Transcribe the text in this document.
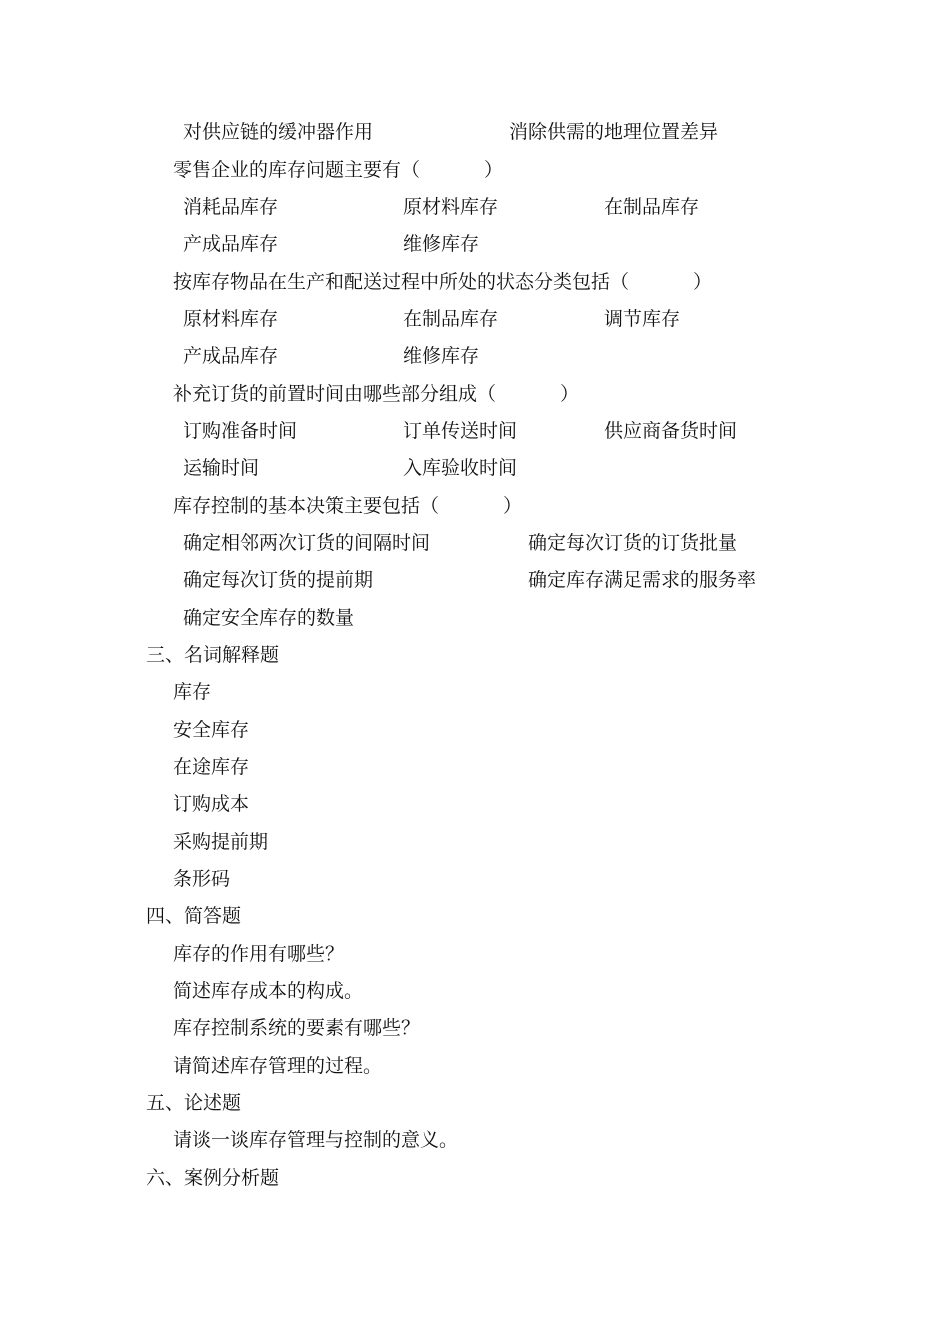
对供应链的缓冲器作用	消除供需的地理位置差异
零售企业的库存问题主要有（	）
消耗品库存	原材料库存	在制品库存
产成品库存	维修库存
按库存物品在生产和配送过程中所处的状态分类包括（	）
原材料库存	在制品库存	调节库存
产成品库存	维修库存
补充订货的前置时间由哪些部分组成（	）
订购准备时间	订单传送时间	供应商备货时间
运输时间	入库验收时间
库存控制的基本决策主要包括（	）
确定相邻两次订货的间隔时间	确定每次订货的订货批量
确定每次订货的提前期	确定库存满足需求的服务率
确定安全库存的数量
三、名词解释题
库存
安全库存
在途库存
订购成本
采购提前期
条形码
四、简答题
库存的作用有哪些？
简述库存成本的构成。
库存控制系统的要素有哪些？
请简述库存管理的过程。
五、论述题
请谈一谈库存管理与控制的意义。
六、案例分析题
